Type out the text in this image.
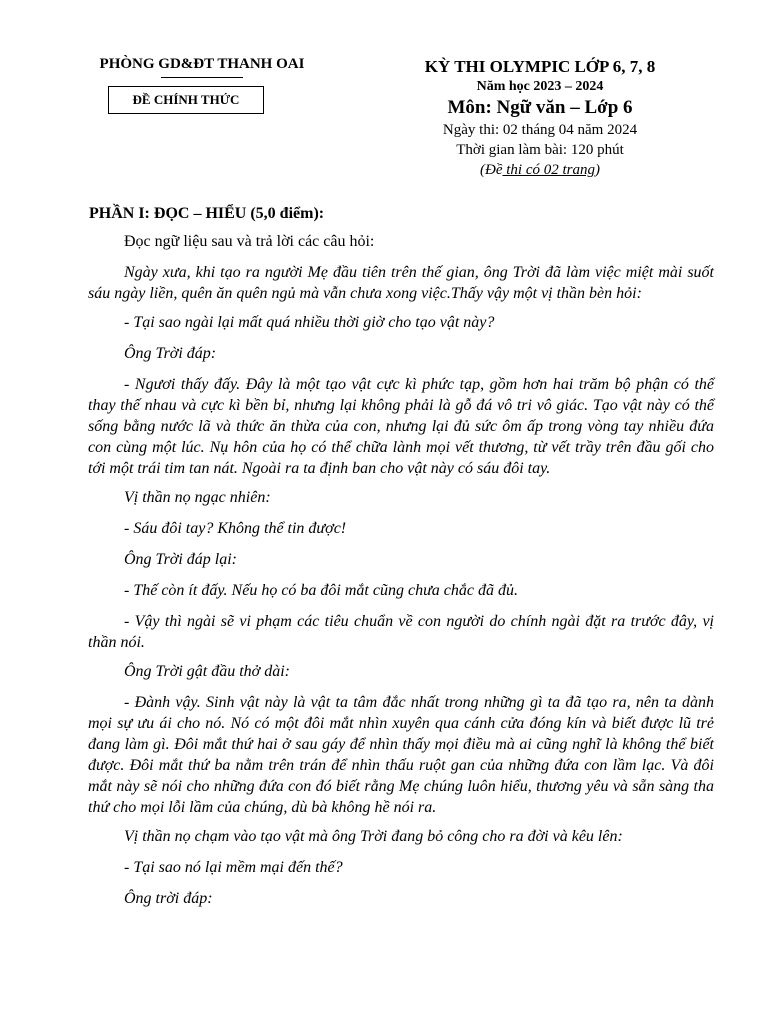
PHÒNG GD&ĐT THANH OAI
ĐỀ CHÍNH THỨC
KỲ THI OLYMPIC LỚP 6, 7, 8
Năm học 2023 – 2024
Môn: Ngữ văn – Lớp 6
Ngày thi: 02 tháng 04 năm 2024
Thời gian làm bài: 120 phút
(Đề thi có 02 trang)
PHẦN I: ĐỌC – HIỂU (5,0 điểm):

Đọc ngữ liệu sau và trả lời các câu hỏi:

Ngày xưa, khi tạo ra người Mẹ đầu tiên trên thế gian, ông Trời đã làm việc miệt mài suốt sáu ngày liền, quên ăn quên ngủ mà vẫn chưa xong việc.Thấy vậy một vị thần bèn hỏi:

- Tại sao ngài lại mất quá nhiều thời giờ cho tạo vật này?

Ông Trời đáp:

- Ngươi thấy đấy. Đây là một tạo vật cực kì phức tạp, gồm hơn hai trăm bộ phận có thể thay thế nhau và cực kì bền bỉ, nhưng lại không phải là gỗ đá vô tri vô giác. Tạo vật này có thể sống bằng nước lã và thức ăn thừa của con, nhưng lại đủ sức ôm ấp trong vòng tay nhiều đứa con cùng một lúc. Nụ hôn của họ có thể chữa lành mọi vết thương, từ vết trầy trên đầu gối cho tới một trái tim tan nát. Ngoài ra ta định ban cho vật này có sáu đôi tay.

Vị thần nọ ngạc nhiên:

- Sáu đôi tay? Không thể tin được!

Ông Trời đáp lại:

- Thế còn ít đấy. Nếu họ có ba đôi mắt cũng chưa chắc đã đủ.

- Vậy thì ngài sẽ vi phạm các tiêu chuẩn về con người do chính ngài đặt ra trước đây, vị thần nói.

Ông Trời gật đầu thở dài:

- Đành vậy. Sinh vật này là vật ta tâm đắc nhất trong những gì ta đã tạo ra, nên ta dành mọi sự ưu ái cho nó. Nó có một đôi mắt nhìn xuyên qua cánh cửa đóng kín và biết được lũ trẻ đang làm gì. Đôi mắt thứ hai ở sau gáy để nhìn thấy mọi điều mà ai cũng nghĩ là không thể biết được. Đôi mắt thứ ba nằm trên trán để nhìn thấu ruột gan của những đứa con lầm lạc. Và đôi mắt này sẽ nói cho những đứa con đó biết rằng Mẹ chúng luôn hiểu, thương yêu và sẵn sàng tha thứ cho mọi lỗi lầm của chúng, dù bà không hề nói ra.

Vị thần nọ chạm vào tạo vật mà ông Trời đang bỏ công cho ra đời và kêu lên:

- Tại sao nó lại mềm mại đến thế?

Ông trời đáp:
